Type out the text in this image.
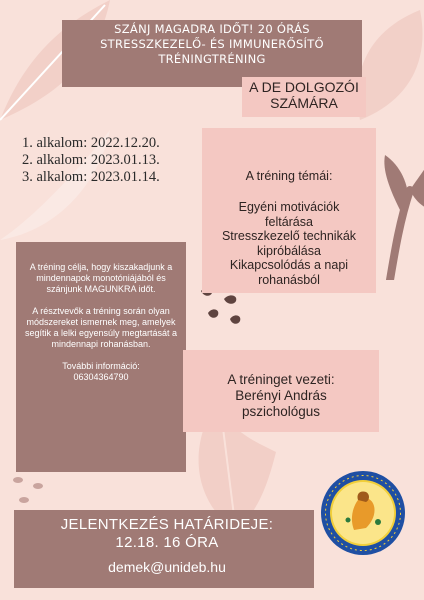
SZÁNJ MAGADRA IDŐT! 20 ÓRÁS
STRESSZKEZELŐ- ÉS IMMUNERŐSÍTŐ
TRÉNINGTRÉNING
A DE DOLGOZÓI
SZÁMÁRA
1. alkalom: 2022.12.20.
2. alkalom: 2023.01.13.
3. alkalom: 2023.01.14.	A tréning témái:
Egyéni motivációk
feltárása
Stresszkezelő technikák
kipróbálása
Kikapcsolódás a napi
rohanásból

A tréning célja, hogy kiszakadjunk a mindennapok monotóniájából és szánjunk MAGUNKRA időt.

A résztvevők a tréning során olyan módszereket ismernek meg, amelyek segítik a lelki egyensúly megtartását a mindennapi rohanásban.

További információ:
06304364790	A tréninget vezeti:
Berényi András
pszichológus
JELENTKEZÉS HATÁRIDEJE:
12.18. 16 ÓRA
demek@unideb.hu
